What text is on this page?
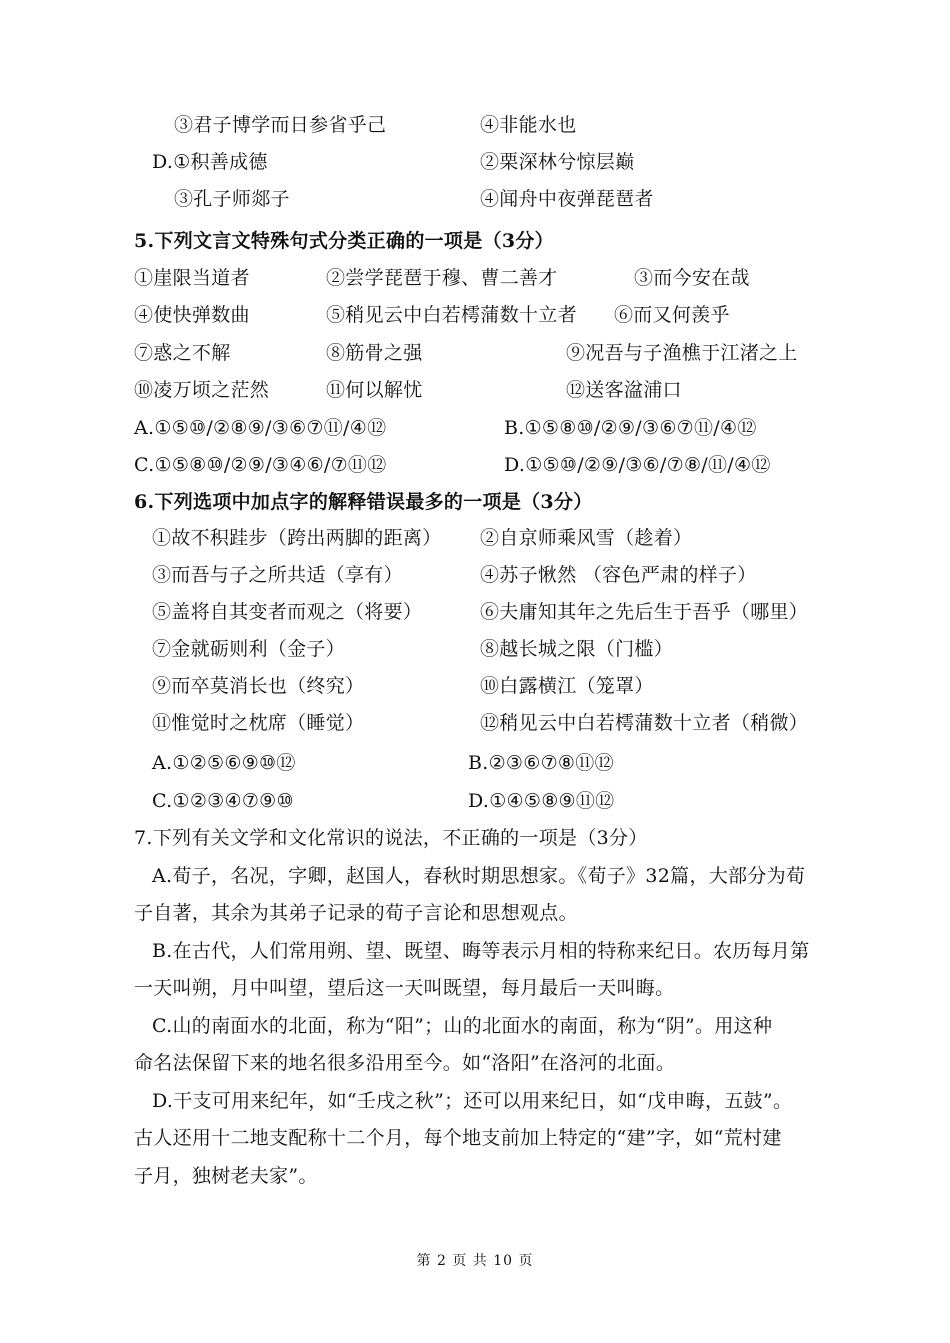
③君子博学而日参省乎己	④非能水也
D.①积善成德	②栗深林兮惊层巅
③孔子师郯子	④闻舟中夜弹琵琶者
5.下列文言文特殊句式分类正确的一项是（3分）
①崖限当道者	②尝学琵琶于穆、曹二善才	③而今安在哉
④使快弹数曲	⑤稍见云中白若樗蒲数十立者 ⑥而又何羡乎
⑦惑之不解	⑧筋骨之强	⑨况吾与子渔樵于江渚之上
⑩凌万顷之茫然	⑪何以解忧	⑫送客湓浦口
A.①⑤⑩/②⑧⑨/③⑥⑦⑪/④⑫	B.①⑤⑧⑩/②⑨/③⑥⑦⑪/④⑫
C.①⑤⑧⑩/②⑨/③④⑥/⑦⑪⑫	D.①⑤⑩/②⑨/③⑥/⑦⑧/⑪/④⑫
6.下列选项中加点字的解释错误最多的一项是（3分）
①故不积跬步（跨出两脚的距离） ②自京师乘风雪（趁着）
③而吾与子之所共适（享有）	④苏子愀然 （容色严肃的样子）
⑤盖将自其变者而观之（将要）	⑥夫庸知其年之先后生于吾乎（哪里）
⑦金就砺则利（金子）	⑧越长城之限（门槛）
⑨而卒莫消长也（终究）	⑩白露横江（笼罩）
⑪惟觉时之枕席（睡觉）	⑫稍见云中白若樗蒲数十立者（稍微）
A.①②⑤⑥⑨⑩⑫	B.②③⑥⑦⑧⑪⑫
C.①②③④⑦⑨⑩	D.①④⑤⑧⑨⑪⑫
7.下列有关文学和文化常识的说法，不正确的一项是（3分）
A.荀子，名况，字卿，赵国人，春秋时期思想家。《荀子》32篇，大部分为荀
子自著，其余为其弟子记录的荀子言论和思想观点。
B.在古代，人们常用朔、望、既望、晦等表示月相的特称来纪日。农历每月第
一天叫朔，月中叫望，望后这一天叫既望，每月最后一天叫晦。
C.山的南面水的北面，称为“阳”；山的北面水的南面，称为“阴”。用这种
命名法保留下来的地名很多沿用至今。如“洛阳”在洛河的北面。
D.干支可用来纪年，如“壬戌之秋”；还可以用来纪日，如“戊申晦，五鼓”。
古人还用十二地支配称十二个月，每个地支前加上特定的“建”字，如“荒村建
子月，独树老夫家”。
第 2 页 共 10 页
